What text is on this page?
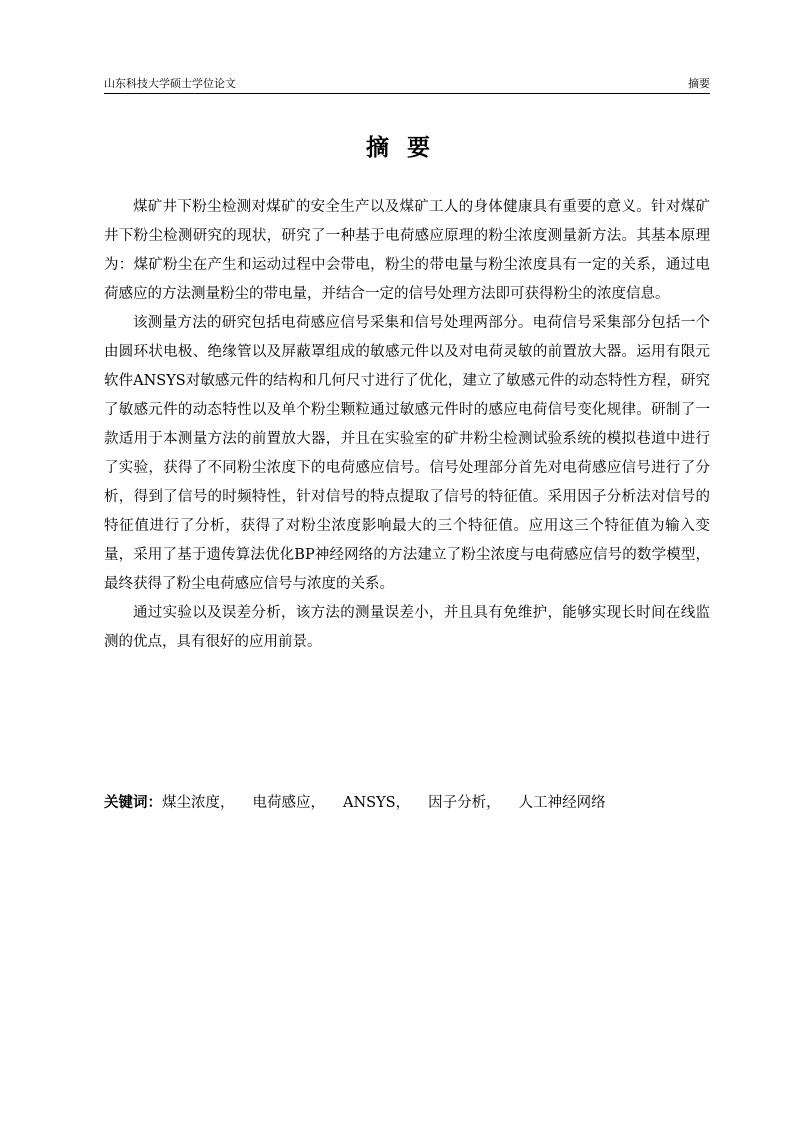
山东科技大学硕士学位论文	摘要
摘要

煤矿井下粉尘检测对煤矿的安全生产以及煤矿工人的身体健康具有重要的意义。针对煤矿井下粉尘检测研究的现状，研究了一种基于电荷感应原理的粉尘浓度测量新方法。其基本原理为：煤矿粉尘在产生和运动过程中会带电，粉尘的带电量与粉尘浓度具有一定的关系，通过电荷感应的方法测量粉尘的带电量，并结合一定的信号处理方法即可获得粉尘的浓度信息。

该测量方法的研究包括电荷感应信号采集和信号处理两部分。电荷信号采集部分包括一个由圆环状电极、绝缘管以及屏蔽罩组成的敏感元件以及对电荷灵敏的前置放大器。运用有限元软件ANSYS对敏感元件的结构和几何尺寸进行了优化，建立了敏感元件的动态特性方程，研究了敏感元件的动态特性以及单个粉尘颗粒通过敏感元件时的感应电荷信号变化规律。研制了一款适用于本测量方法的前置放大器，并且在实验室的矿井粉尘检测试验系统的模拟巷道中进行了实验，获得了不同粉尘浓度下的电荷感应信号。信号处理部分首先对电荷感应信号进行了分析，得到了信号的时频特性，针对信号的特点提取了信号的特征值。采用因子分析法对信号的特征值进行了分析，获得了对粉尘浓度影响最大的三个特征值。应用这三个特征值为输入变量，采用了基于遗传算法优化BP神经网络的方法建立了粉尘浓度与电荷感应信号的数学模型，最终获得了粉尘电荷感应信号与浓度的关系。

通过实验以及误差分析，该方法的测量误差小，并且具有免维护，能够实现长时间在线监测的优点，具有很好的应用前景。

关键词：煤尘浓度， 电荷感应， ANSYS， 因子分析， 人工神经网络
